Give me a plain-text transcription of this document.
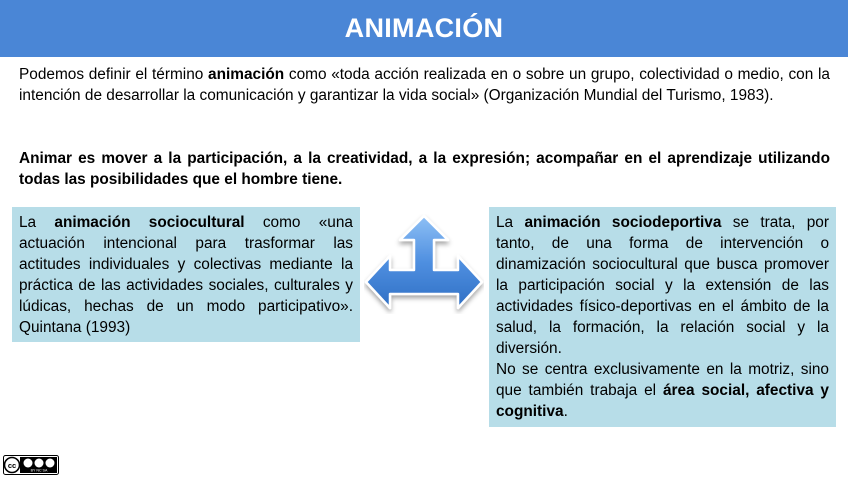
ANIMACIÓN

Podemos definir el término animación como «toda acción realizada en o sobre un grupo, colectividad o medio, con la intención de desarrollar la comunicación y garantizar la vida social» (Organización Mundial del Turismo, 1983).

Animar es mover a la participación, a la creatividad, a la expresión; acompañar en el aprendizaje utilizando todas las posibilidades que el hombre tiene.

La animación sociocultural como «una actuación intencional para trasformar las actitudes individuales y colectivas mediante la práctica de las actividades sociales, culturales y lúdicas, hechas de un modo participativo». Quintana (1993)

La animación sociodeportiva se trata, por tanto, de una forma de intervención o dinamización sociocultural que busca promover la participación social y la extensión de las actividades físico-deportivas en el ámbito de la salud, la formación, la relación social y la diversión.

No se centra exclusivamente en la motriz, sino que también trabaja el área social, afectiva y cognitiva.

cc
BY NC SA
